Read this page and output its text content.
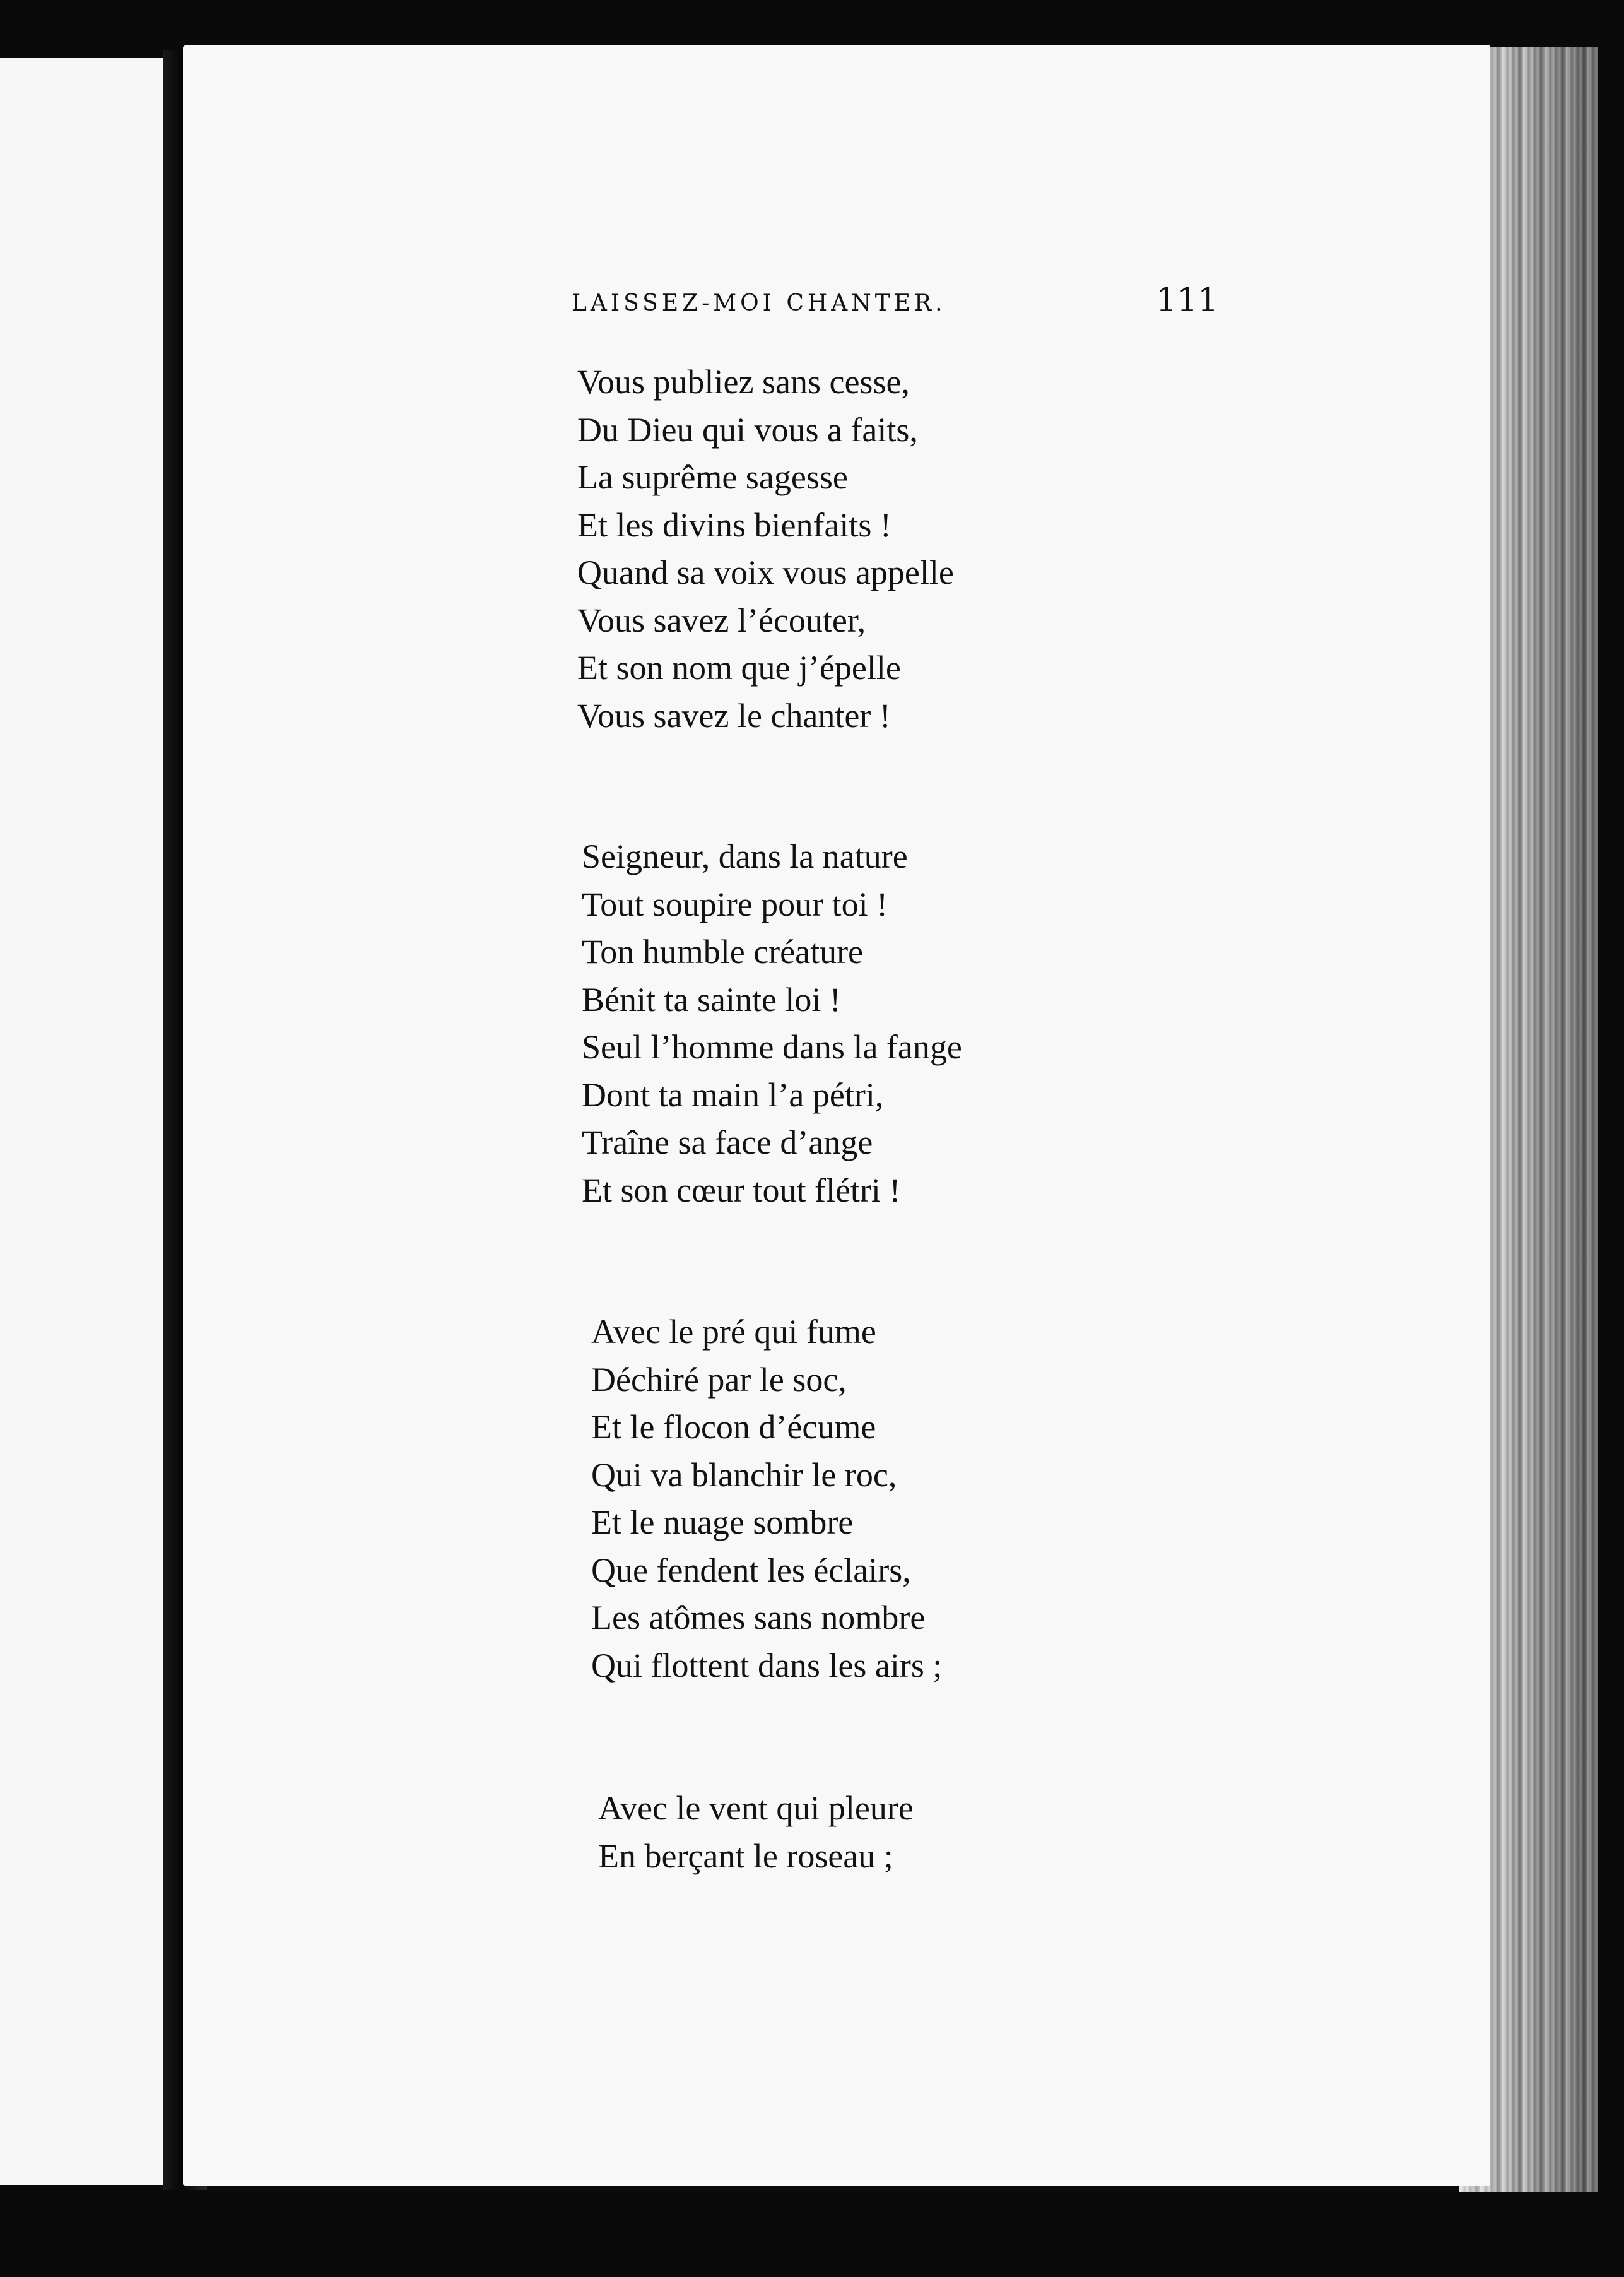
LAISSEZ-MOI CHANTER.	111
Vous publiez sans cesse,
Du Dieu qui vous a faits,
La suprême sagesse
Et les divins bienfaits !
Quand sa voix vous appelle
Vous savez l’écouter,
Et son nom que j’épelle
Vous savez le chanter !
Seigneur, dans la nature
Tout soupire pour toi !
Ton humble créature
Bénit ta sainte loi !
Seul l’homme dans la fange
Dont ta main l’a pétri,
Traîne sa face d’ange
Et son cœur tout flétri !
Avec le pré qui fume
Déchiré par le soc,
Et le flocon d’écume
Qui va blanchir le roc,
Et le nuage sombre
Que fendent les éclairs,
Les atômes sans nombre
Qui flottent dans les airs ;
Avec le vent qui pleure
En berçant le roseau ;
